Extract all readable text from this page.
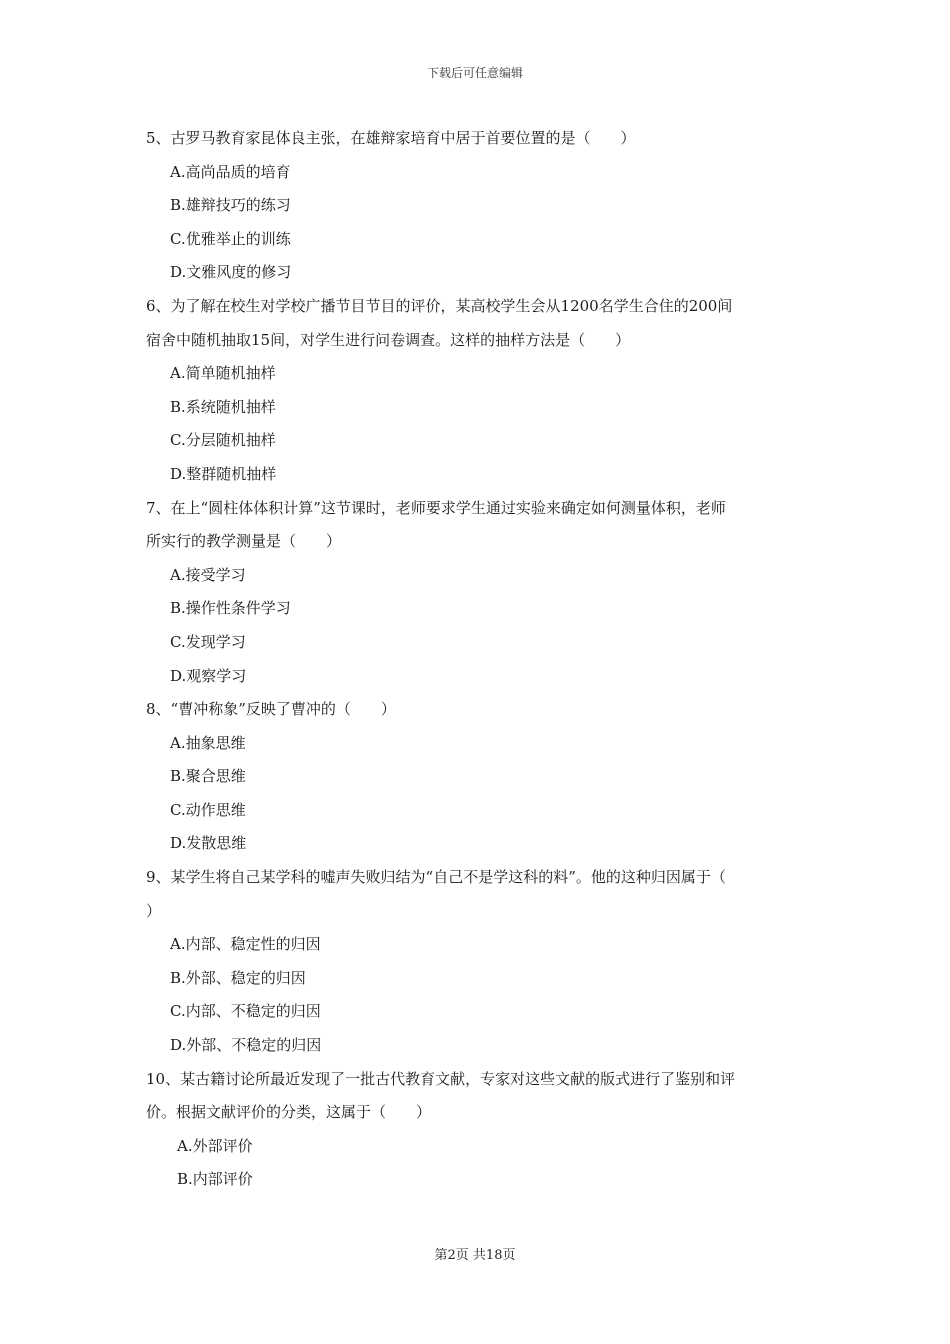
下载后可任意编辑
5、古罗马教育家昆体良主张，在雄辩家培育中居于首要位置的是（　　）
A.高尚品质的培育
B.雄辩技巧的练习
C.优雅举止的训练
D.文雅风度的修习
6、为了解在校生对学校广播节目节目的评价，某高校学生会从1200名学生合住的200间
宿舍中随机抽取15间，对学生进行问卷调查。这样的抽样方法是（　　）
A.简单随机抽样
B.系统随机抽样
C.分层随机抽样
D.整群随机抽样
7、在上“圆柱体体积计算”这节课时，老师要求学生通过实验来确定如何测量体积，老师
所实行的教学测量是（　　）
A.接受学习
B.操作性条件学习
C.发现学习
D.观察学习
8、“曹冲称象”反映了曹冲的（　　）
A.抽象思维
B.聚合思维
C.动作思维
D.发散思维
9、某学生将自己某学科的嘘声失败归结为“自己不是学这科的料”。他的这种归因属于（
）
A.内部、稳定性的归因
B.外部、稳定的归因
C.内部、不稳定的归因
D.外部、不稳定的归因
10、某古籍讨论所最近发现了一批古代教育文献，专家对这些文献的版式进行了鉴别和评
价。根据文献评价的分类，这属于（　　）
A.外部评价
B.内部评价
第2页 共18页
